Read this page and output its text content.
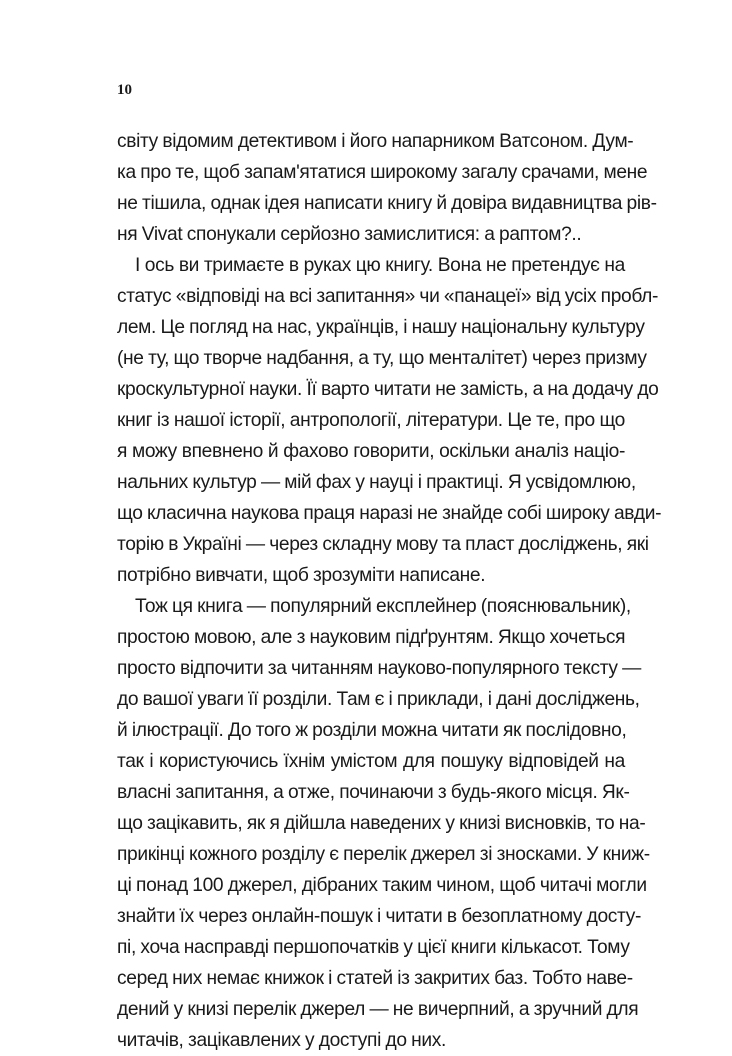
10
світу відомим детективом і його напарником Ватсоном. Дум-
ка про те, щоб запам'ятатися широкому загалу срачами, мене
не тішила, однак ідея написати книгу й довіра видавництва рів-
ня Vivat спонукали серйозно замислитися: а раптом?..
І ось ви тримаєте в руках цю книгу. Вона не претендує на
статус «відповіді на всі запитання» чи «панацеї» від усіх пробл-
лем. Це погляд на нас, українців, і нашу національну культуру
(не ту, що творче надбання, а ту, що менталітет) через призму
кроскультурної науки. Її варто читати не замість, а на додачу до
книг із нашої історії, антропології, літератури. Це те, про що
я можу впевнено й фахово говорити, оскільки аналіз націо-
нальних культур — мій фах у науці і практиці. Я усвідомлюю,
що класична наукова праця наразі не знайде собі широку авди-
торію в Україні — через складну мову та пласт досліджень, які
потрібно вивчати, щоб зрозуміти написане.
Тож ця книга — популярний експлейнер (пояснювальник),
простою мовою, але з науковим підґрунтям. Якщо хочеться
просто відпочити за читанням науково-популярного тексту —
до вашої уваги її розділи. Там є і приклади, і дані досліджень,
й ілюстрації. До того ж розділи можна читати як послідовно,
так і користуючись їхнім умістом для пошуку відповідей на
власні запитання, а отже, починаючи з будь-якого місця. Як-
що зацікавить, як я дійшла наведених у книзі висновків, то на-
прикінці кожного розділу є перелік джерел зі зносками. У книж-
ці понад 100 джерел, дібраних таким чином, щоб читачі могли
знайти їх через онлайн-пошук і читати в безоплатному досту-
пі, хоча насправді першопочатків у цієї книги кількасот. Тому
серед них немає книжок і статей із закритих баз. Тобто наве-
дений у книзі перелік джерел — не вичерпний, а зручний для
читачів, зацікавлених у доступі до них.
